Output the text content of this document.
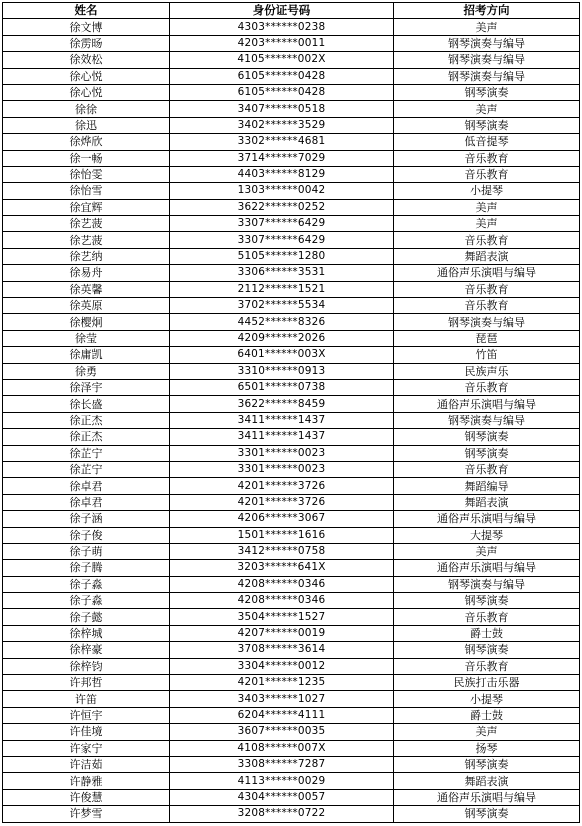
姓名	身份证号码	招考方向
徐文博	4303******0238	美声
徐雳旸	4203******0011	钢琴演奏与编导
徐效松	4105******002X	钢琴演奏与编导
徐心悦	6105******0428	钢琴演奏与编导
徐心悦	6105******0428	钢琴演奏
徐徐	3407******0518	美声
徐迅	3402******3529	钢琴演奏
徐烨欣	3302******4681	低音提琴
徐一畅	3714******7029	音乐教育
徐怡雯	4403******8129	音乐教育
徐怡雪	1303******0042	小提琴
徐宜辉	3622******0252	美声
徐艺菠	3307******6429	美声
徐艺菠	3307******6429	音乐教育
徐艺纳	5105******1280	舞蹈表演
徐易舟	3306******3531	通俗声乐演唱与编导
徐英馨	2112******1521	音乐教育
徐英原	3702******5534	音乐教育
徐樱炯	4452******8326	钢琴演奏与编导
徐莹	4209******2026	琵琶
徐庸凯	6401******003X	竹笛
徐勇	3310******0913	民族声乐
徐泽宇	6501******0738	音乐教育
徐长盛	3622******8459	通俗声乐演唱与编导
徐正杰	3411******1437	钢琴演奏与编导
徐正杰	3411******1437	钢琴演奏
徐芷宁	3301******0023	钢琴演奏
徐芷宁	3301******0023	音乐教育
徐卓君	4201******3726	舞蹈编导
徐卓君	4201******3726	舞蹈表演
徐子涵	4206******3067	通俗声乐演唱与编导
徐子俊	1501******1616	大提琴
徐子萌	3412******0758	美声
徐子腾	3203******641X	通俗声乐演唱与编导
徐子淼	4208******0346	钢琴演奏与编导
徐子淼	4208******0346	钢琴演奏
徐子懿	3504******1527	音乐教育
徐梓城	4207******0019	爵士鼓
徐梓豪	3708******3614	钢琴演奏
徐梓钧	3304******0012	音乐教育
许邦哲	4201******1235	民族打击乐器
许笛	3403******1027	小提琴
许恒宇	6204******4111	爵士鼓
许佳境	3607******0035	美声
许家宁	4108******007X	扬琴
许洁茹	3308******7287	钢琴演奏
许静雅	4113******0029	舞蹈表演
许俊慧	4304******0057	通俗声乐演唱与编导
许梦雪	3208******0722	钢琴演奏
